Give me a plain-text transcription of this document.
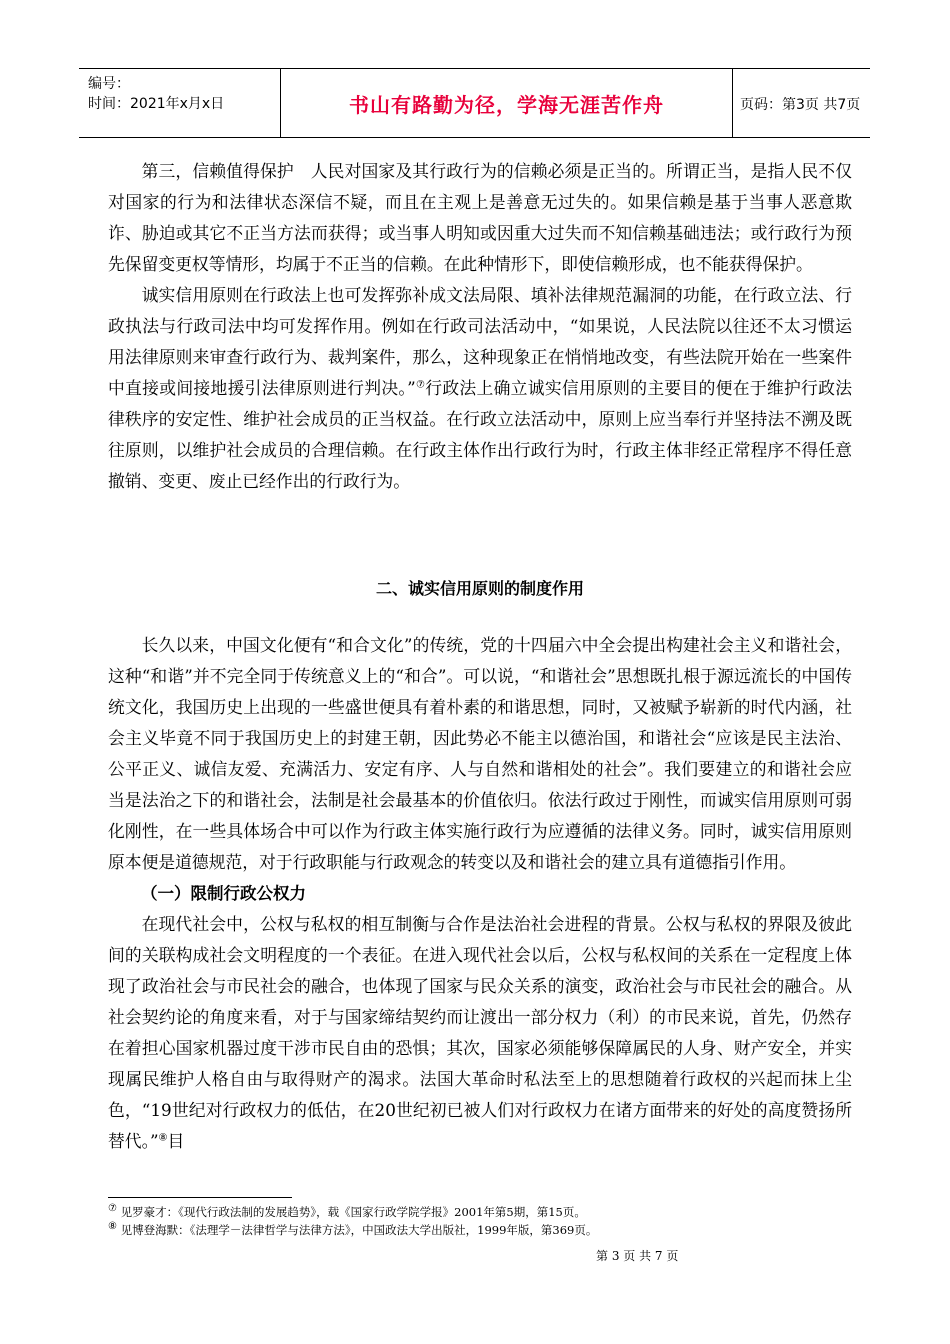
编号：
时间：2021年x月x日	书山有路勤为径，学海无涯苦作舟	页码：第3页 共7页

第三，信赖值得保护　人民对国家及其行政行为的信赖必须是正当的。所谓正当，是指人民不仅对国家的行为和法律状态深信不疑，而且在主观上是善意无过失的。如果信赖是基于当事人恶意欺诈、胁迫或其它不正当方法而获得；或当事人明知或因重大过失而不知信赖基础违法；或行政行为预先保留变更权等情形，均属于不正当的信赖。在此种情形下，即使信赖形成，也不能获得保护。

诚实信用原则在行政法上也可发挥弥补成文法局限、填补法律规范漏洞的功能，在行政立法、行政执法与行政司法中均可发挥作用。例如在行政司法活动中，“如果说，人民法院以往还不太习惯运用法律原则来审查行政行为、裁判案件，那么，这种现象正在悄悄地改变，有些法院开始在一些案件中直接或间接地援引法律原则进行判决。”⑦行政法上确立诚实信用原则的主要目的便在于维护行政法律秩序的安定性、维护社会成员的正当权益。在行政立法活动中，原则上应当奉行并坚持法不溯及既往原则，以维护社会成员的合理信赖。在行政主体作出行政行为时，行政主体非经正常程序不得任意撤销、变更、废止已经作出的行政行为。

二、诚实信用原则的制度作用

长久以来，中国文化便有“和合文化”的传统，党的十四届六中全会提出构建社会主义和谐社会，这种“和谐”并不完全同于传统意义上的“和合”。可以说，“和谐社会”思想既扎根于源远流长的中国传统文化，我国历史上出现的一些盛世便具有着朴素的和谐思想，同时，又被赋予崭新的时代内涵，社会主义毕竟不同于我国历史上的封建王朝，因此势必不能主以德治国，和谐社会“应该是民主法治、公平正义、诚信友爱、充满活力、安定有序、人与自然和谐相处的社会”。我们要建立的和谐社会应当是法治之下的和谐社会，法制是社会最基本的价值依归。依法行政过于刚性，而诚实信用原则可弱化刚性，在一些具体场合中可以作为行政主体实施行政行为应遵循的法律义务。同时，诚实信用原则原本便是道德规范，对于行政职能与行政观念的转变以及和谐社会的建立具有道德指引作用。

（一）限制行政公权力

在现代社会中，公权与私权的相互制衡与合作是法治社会进程的背景。公权与私权的界限及彼此间的关联构成社会文明程度的一个表征。在进入现代社会以后，公权与私权间的关系在一定程度上体现了政治社会与市民社会的融合，也体现了国家与民众关系的演变，政治社会与市民社会的融合。从社会契约论的角度来看，对于与国家缔结契约而让渡出一部分权力（利）的市民来说，首先，仍然存在着担心国家机器过度干涉市民自由的恐惧；其次，国家必须能够保障属民的人身、财产安全，并实现属民维护人格自由与取得财产的渴求。法国大革命时私法至上的思想随着行政权的兴起而抹上尘色，“19世纪对行政权力的低估，在20世纪初已被人们对行政权力在诸方面带来的好处的高度赞扬所替代。”⑧目

⑦ 见罗豪才：《现代行政法制的发展趋势》，载《国家行政学院学报》2001年第5期，第15页。
⑧ 见博登海默：《法理学－法律哲学与法律方法》，中国政法大学出版社，1999年版，第369页。
第 3 页 共 7 页
